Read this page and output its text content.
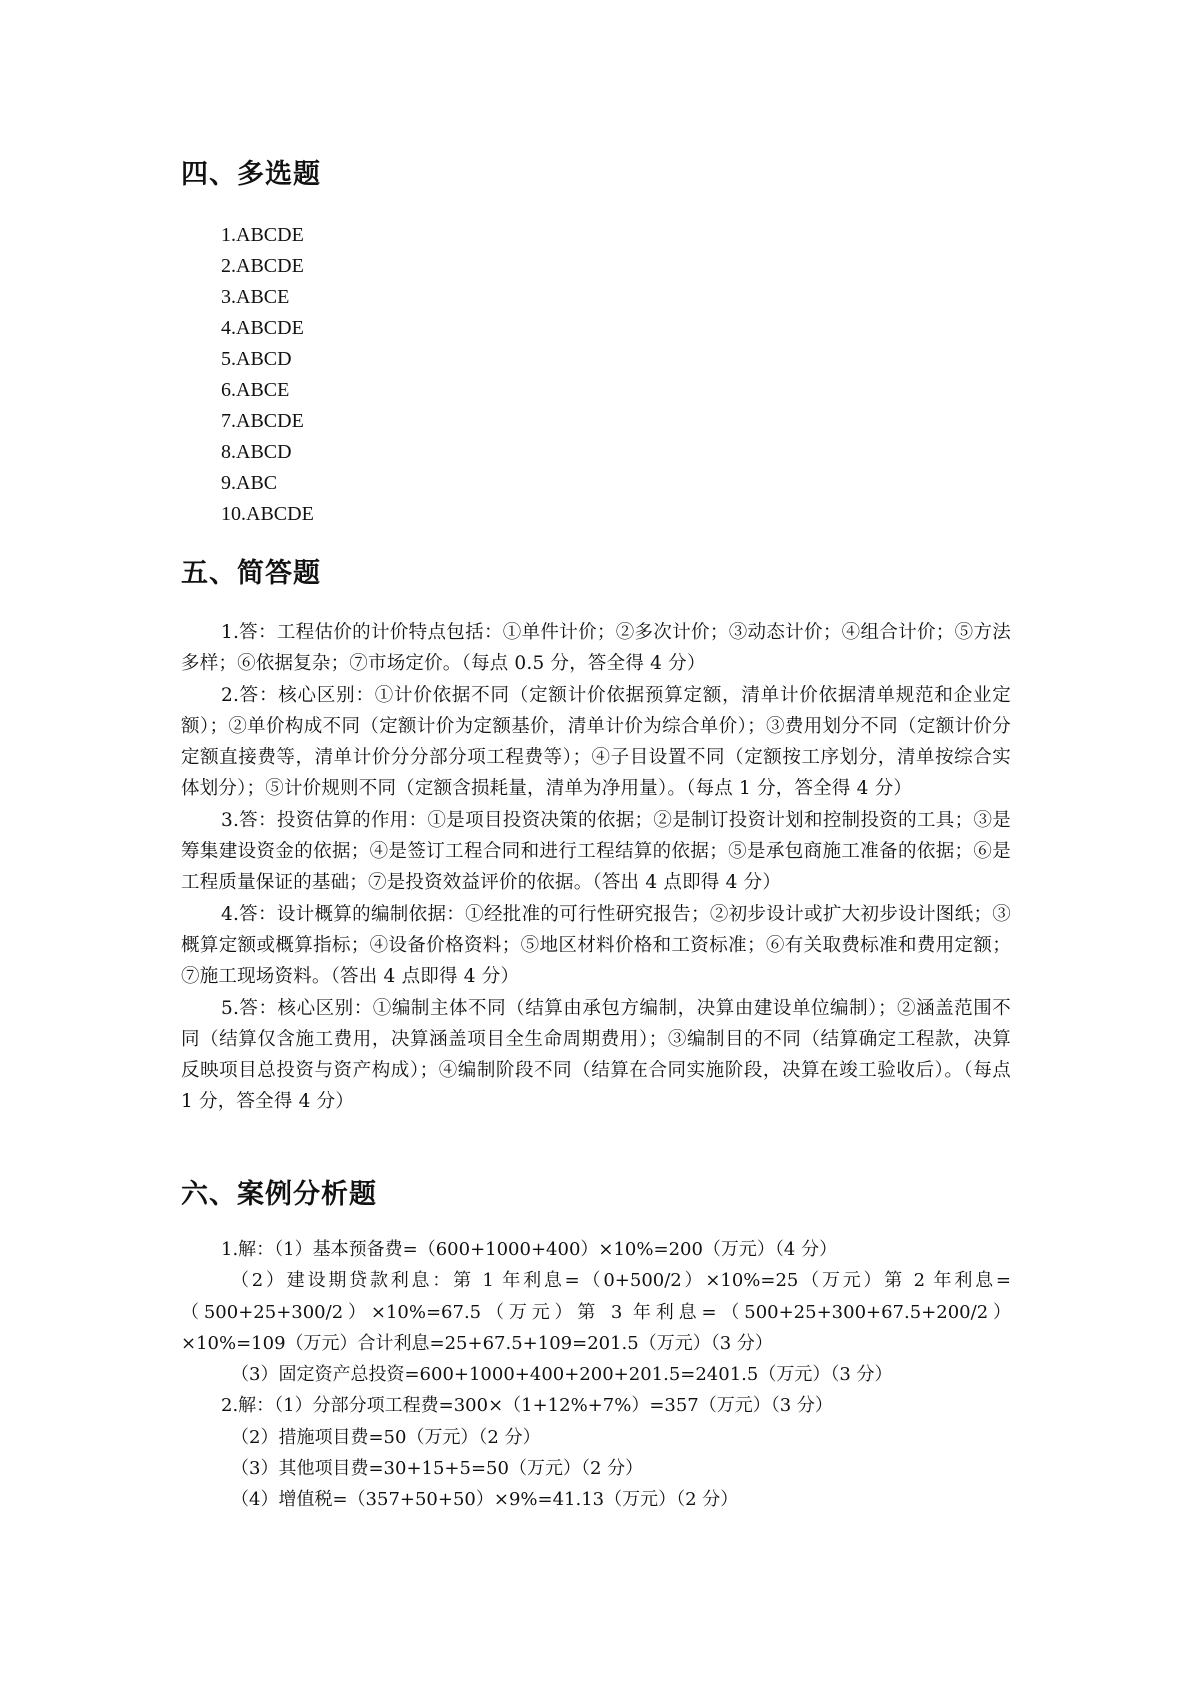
四、多选题
1.ABCDE
2.ABCDE
3.ABCE
4.ABCDE
5.ABCD
6.ABCE
7.ABCDE
8.ABCD
9.ABC
10.ABCDE
五、简答题

1.答：工程估价的计价特点包括：①单件计价；②多次计价；③动态计价；④组合计价；⑤方法多样；⑥依据复杂；⑦市场定价。（每点 0.5 分，答全得 4 分）

2.答：核心区别：①计价依据不同（定额计价依据预算定额，清单计价依据清单规范和企业定额）；②单价构成不同（定额计价为定额基价，清单计价为综合单价）；③费用划分不同（定额计价分定额直接费等，清单计价分分部分项工程费等）；④子目设置不同（定额按工序划分，清单按综合实体划分）；⑤计价规则不同（定额含损耗量，清单为净用量）。（每点 1 分，答全得 4 分）

3.答：投资估算的作用：①是项目投资决策的依据；②是制订投资计划和控制投资的工具；③是筹集建设资金的依据；④是签订工程合同和进行工程结算的依据；⑤是承包商施工准备的依据；⑥是工程质量保证的基础；⑦是投资效益评价的依据。（答出 4 点即得 4 分）

4.答：设计概算的编制依据：①经批准的可行性研究报告；②初步设计或扩大初步设计图纸；③概算定额或概算指标；④设备价格资料；⑤地区材料价格和工资标准；⑥有关取费标准和费用定额；⑦施工现场资料。（答出 4 点即得 4 分）

5.答：核心区别：①编制主体不同（结算由承包方编制，决算由建设单位编制）；②涵盖范围不同（结算仅含施工费用，决算涵盖项目全生命周期费用）；③编制目的不同（结算确定工程款，决算反映项目总投资与资产构成）；④编制阶段不同（结算在合同实施阶段，决算在竣工验收后）。（每点 1 分，答全得 4 分）

六、案例分析题

1.解：（1）基本预备费=（600+1000+400）×10%=200（万元）（4 分）

（2）建设期贷款利息：第 1 年利息=（0+500/2）×10%=25（万元）第 2 年利息=（500+25+300/2）×10%=67.5（万元）第 3 年利息=（500+25+300+67.5+200/2）×10%=109（万元）合计利息=25+67.5+109=201.5（万元）（3 分）

（3）固定资产总投资=600+1000+400+200+201.5=2401.5（万元）（3 分）

2.解：（1）分部分项工程费=300×（1+12%+7%）=357（万元）（3 分）

（2）措施项目费=50（万元）（2 分）

（3）其他项目费=30+15+5=50（万元）（2 分）

（4）增值税=（357+50+50）×9%=41.13（万元）（2 分）
